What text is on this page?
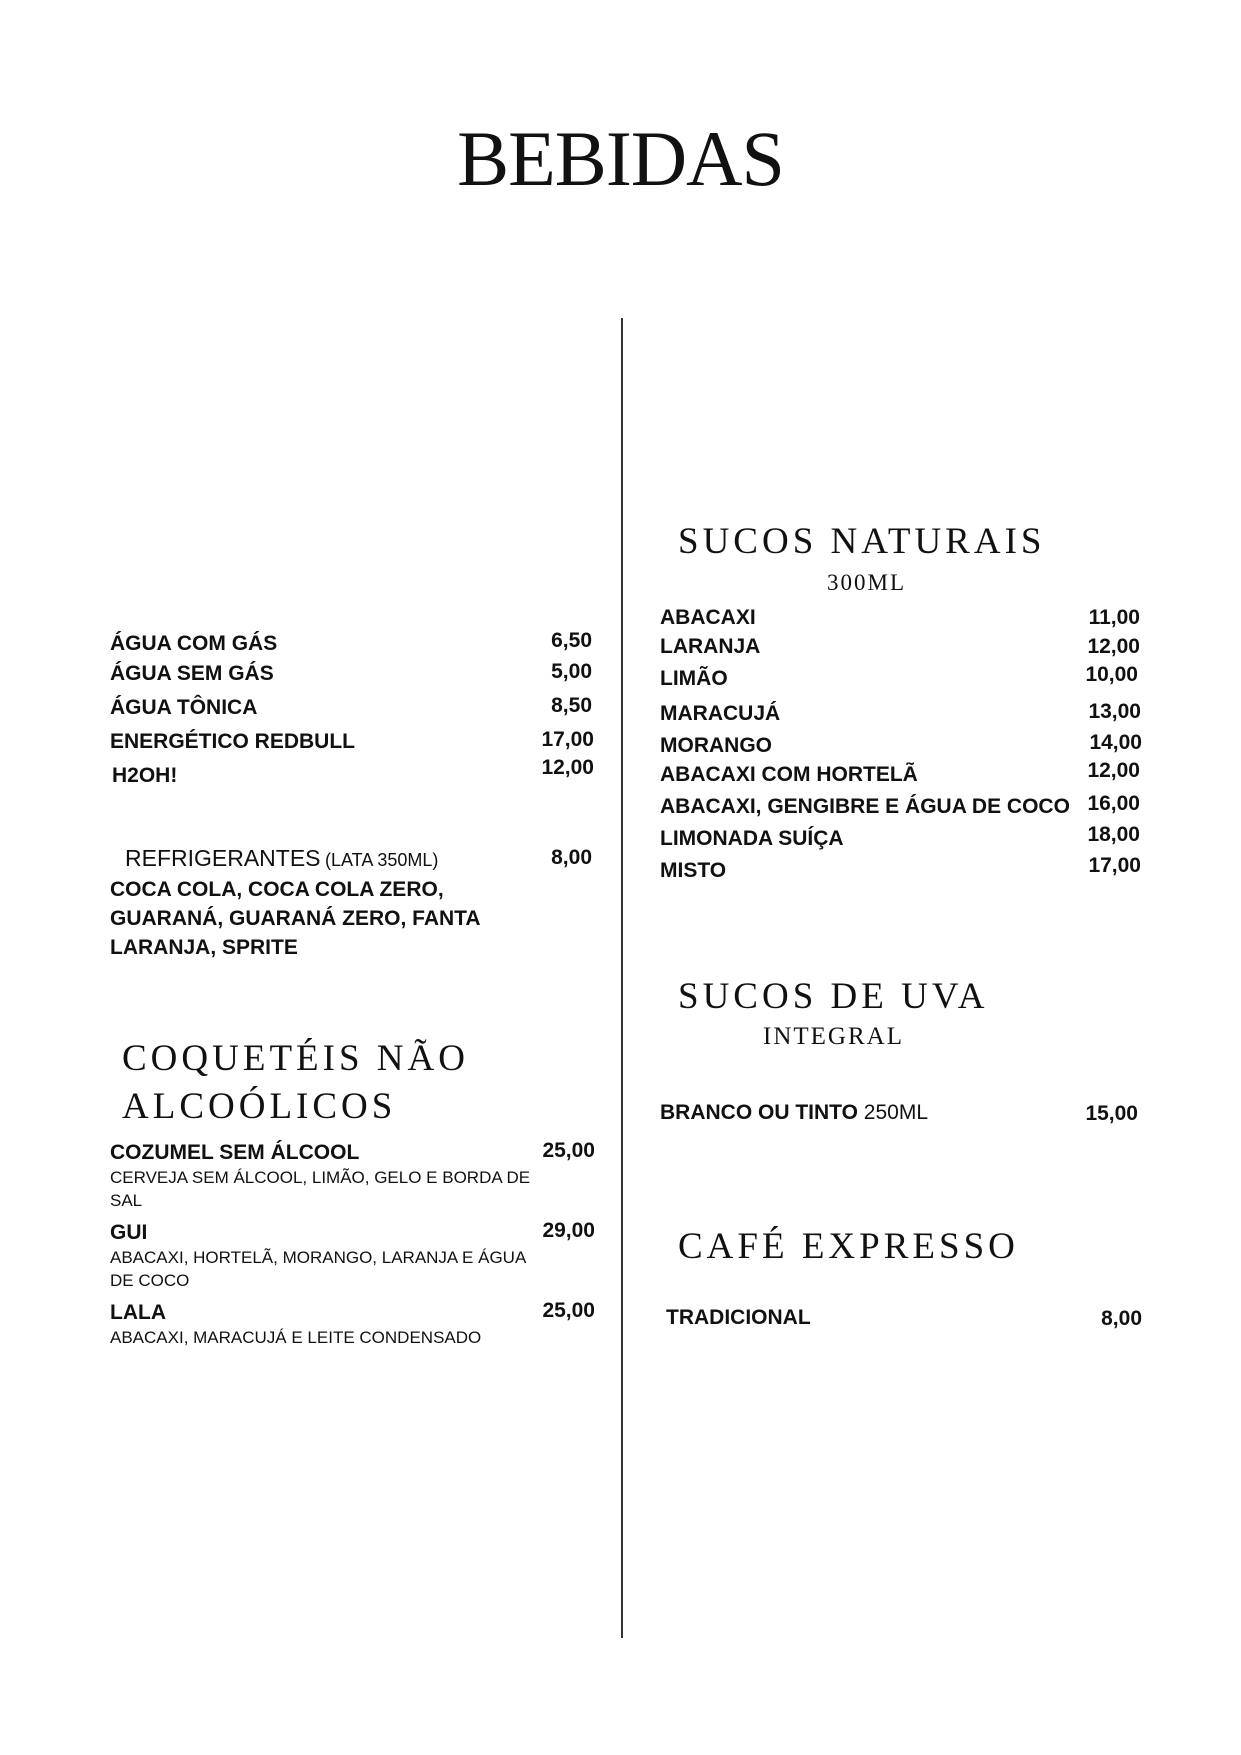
BEBIDAS
ÁGUA COM GÁS	6,50
ÁGUA SEM GÁS	5,00
ÁGUA TÔNICA	8,50
ENERGÉTICO REDBULL	17,00
H2OH!	12,00
REFRIGERANTES (LATA 350ML)	8,00
COCA COLA, COCA COLA ZERO, GUARANÁ, GUARANÁ ZERO, FANTA LARANJA, SPRITE
COQUETÉIS NÃO
ALCOÓLICOS
COZUMEL SEM ÁLCOOL	25,00
CERVEJA SEM ÁLCOOL, LIMÃO, GELO E BORDA DE SAL
GUI	29,00
ABACAXI, HORTELÃ, MORANGO, LARANJA E ÁGUA DE COCO
LALA	25,00
ABACAXI, MARACUJÁ E LEITE CONDENSADO
SUCOS NATURAIS
300ML
ABACAXI	11,00
LARANJA	12,00
LIMÃO	10,00
MARACUJÁ	13,00
MORANGO	14,00
ABACAXI COM HORTELÃ	12,00
ABACAXI, GENGIBRE E ÁGUA DE COCO 16,00
LIMONADA SUÍÇA	18,00
MISTO	17,00
SUCOS DE UVA
INTEGRAL
BRANCO OU TINTO 250ML	15,00
CAFÉ EXPRESSO
TRADICIONAL	8,00
